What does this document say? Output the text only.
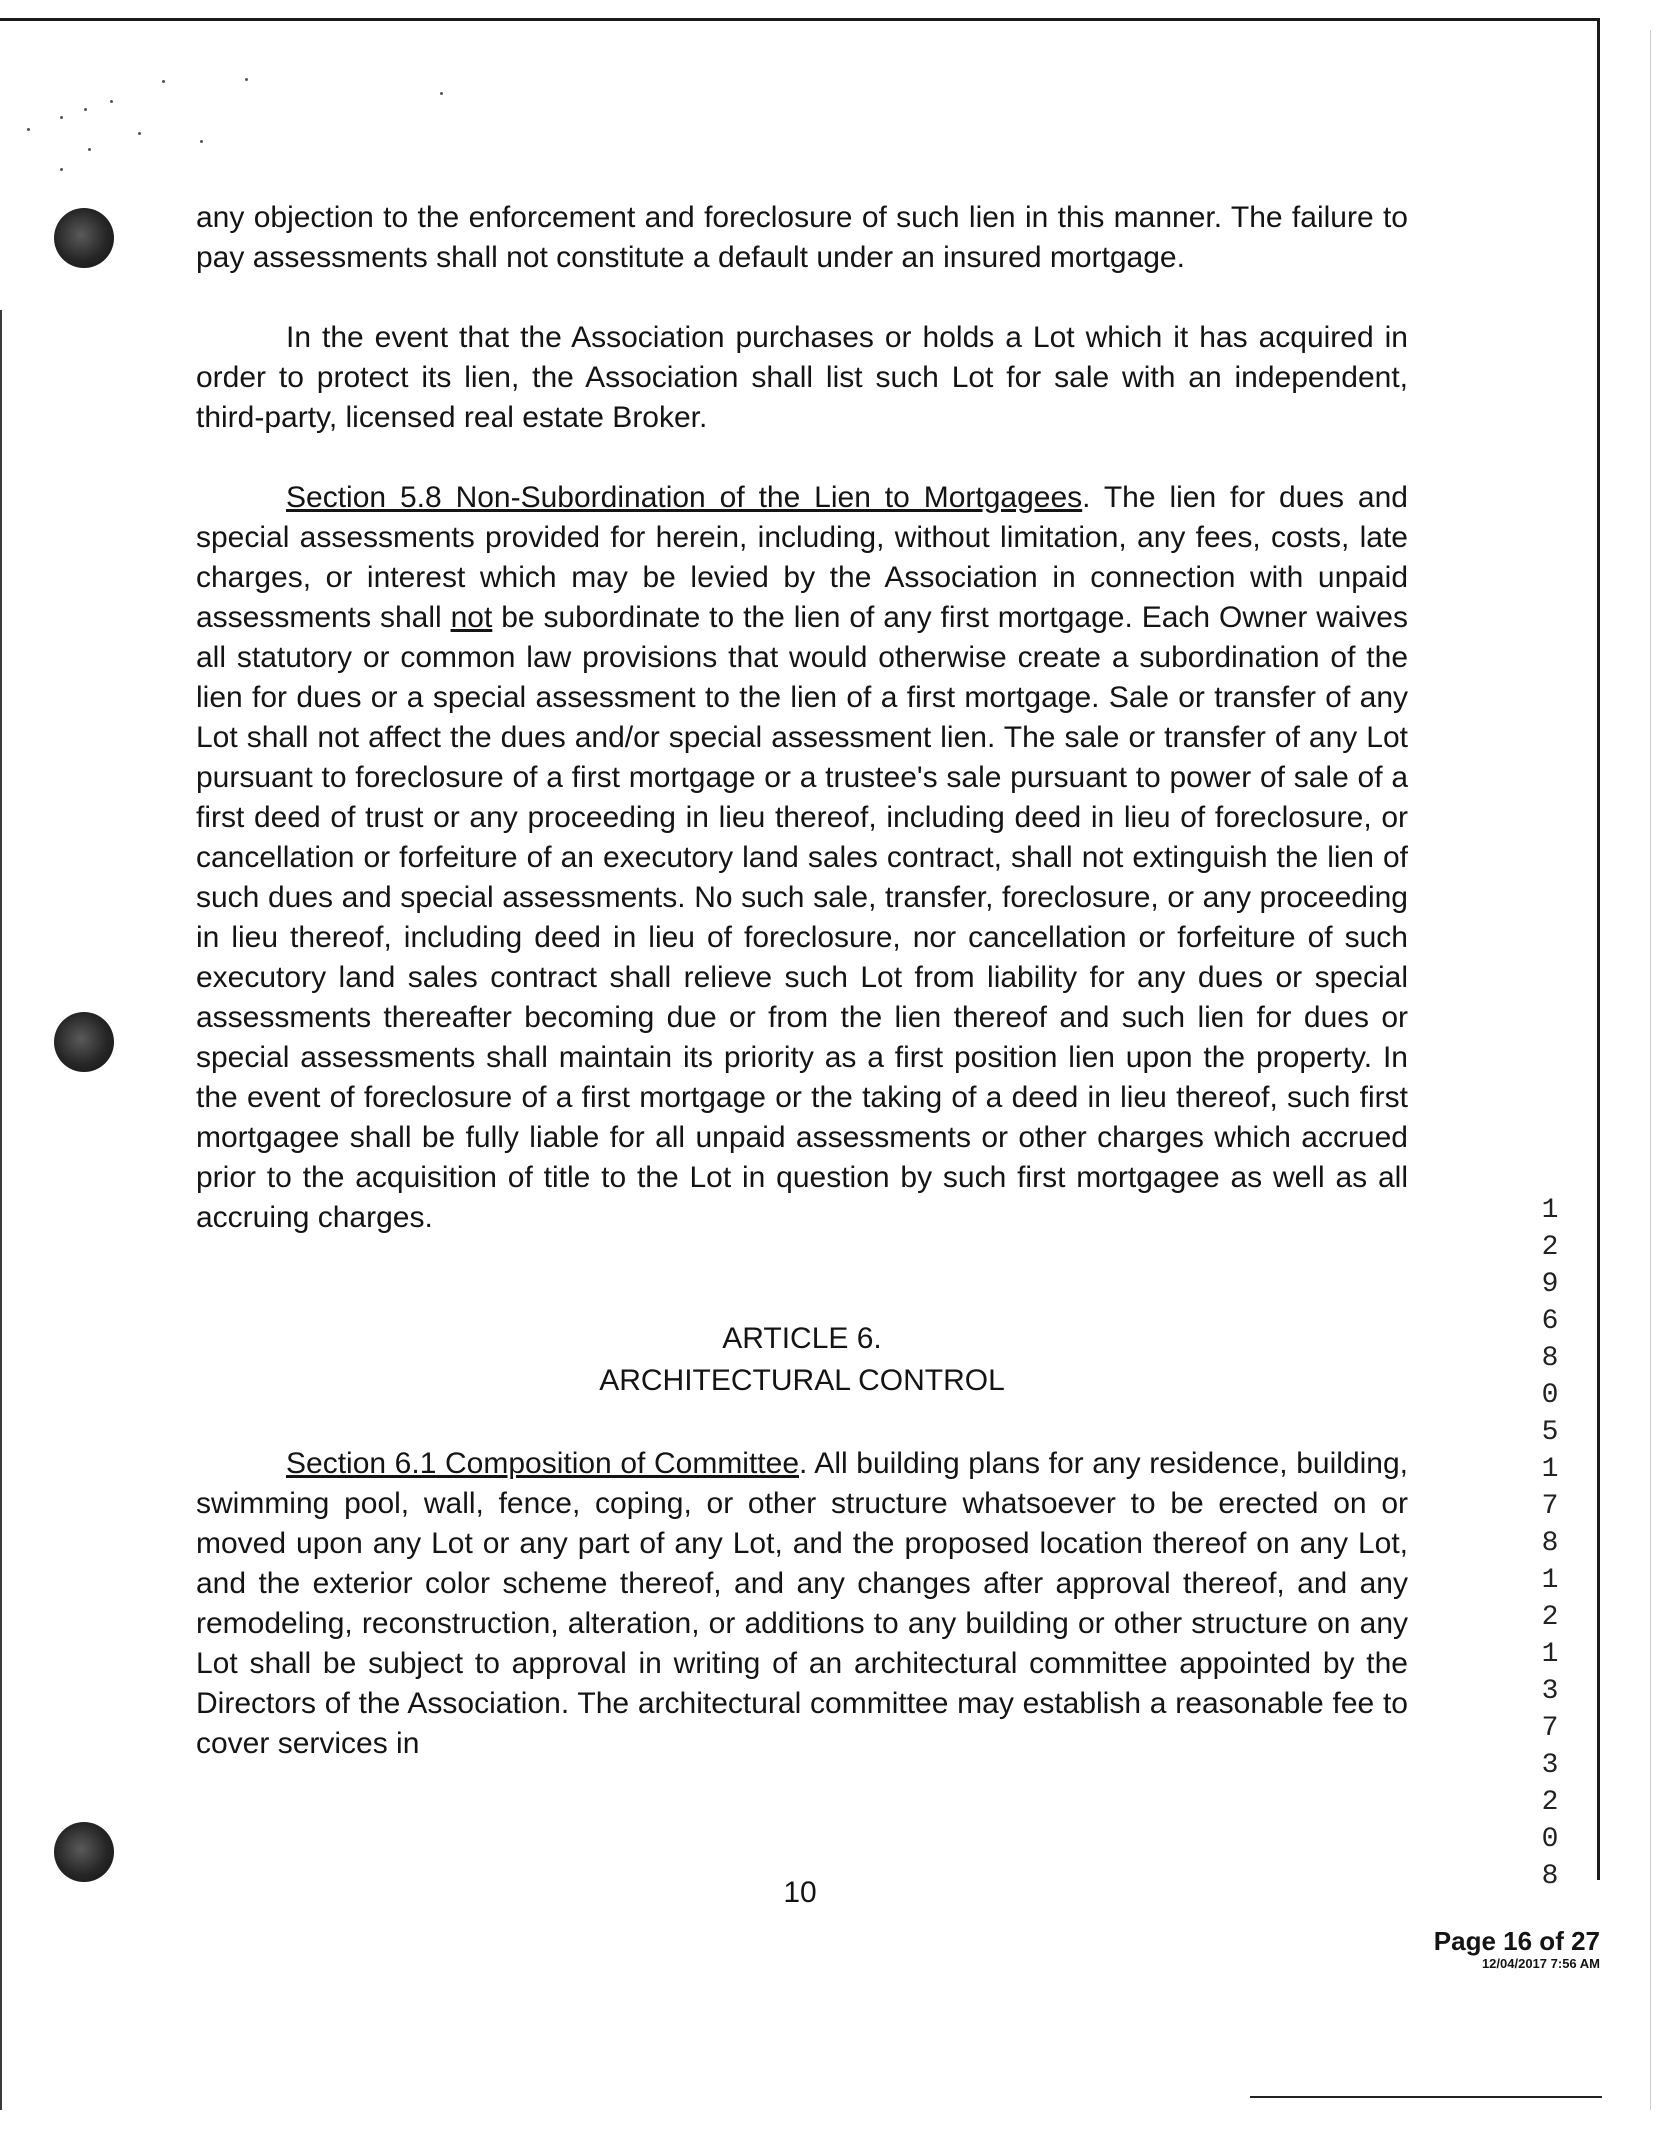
any objection to the enforcement and foreclosure of such lien in this manner. The failure to pay assessments shall not constitute a default under an insured mortgage.

In the event that the Association purchases or holds a Lot which it has acquired in order to protect its lien, the Association shall list such Lot for sale with an independent, third-party, licensed real estate Broker.

Section 5.8 Non-Subordination of the Lien to Mortgagees. The lien for dues and special assessments provided for herein, including, without limitation, any fees, costs, late charges, or interest which may be levied by the Association in connection with unpaid assessments shall not be subordinate to the lien of any first mortgage. Each Owner waives all statutory or common law provisions that would otherwise create a subordination of the lien for dues or a special assessment to the lien of a first mortgage. Sale or transfer of any Lot shall not affect the dues and/or special assessment lien. The sale or transfer of any Lot pursuant to foreclosure of a first mortgage or a trustee's sale pursuant to power of sale of a first deed of trust or any proceeding in lieu thereof, including deed in lieu of foreclosure, or cancellation or forfeiture of an executory land sales contract, shall not extinguish the lien of such dues and special assessments. No such sale, transfer, foreclosure, or any proceeding in lieu thereof, including deed in lieu of foreclosure, nor cancellation or forfeiture of such executory land sales contract shall relieve such Lot from liability for any dues or special assessments thereafter becoming due or from the lien thereof and such lien for dues or special assessments shall maintain its priority as a first position lien upon the property. In the event of foreclosure of a first mortgage or the taking of a deed in lieu thereof, such first mortgagee shall be fully liable for all unpaid assessments or other charges which accrued prior to the acquisition of title to the Lot in question by such first mortgagee as well as all accruing charges.

ARTICLE 6.
ARCHITECTURAL CONTROL

Section 6.1 Composition of Committee. All building plans for any residence, building, swimming pool, wall, fence, coping, or other structure whatsoever to be erected on or moved upon any Lot or any part of any Lot, and the proposed location thereof on any Lot, and the exterior color scheme thereof, and any changes after approval thereof, and any remodeling, reconstruction, alteration, or additions to any building or other structure on any Lot shall be subject to approval in writing of an architectural committee appointed by the Directors of the Association. The architectural committee may establish a reasonable fee to cover services in

1
2
9
6
8
0
5
1
7
8
1
2
1
3
7
3
2
0
8
10
Page 16 of 27
12/04/2017 7:56 AM
